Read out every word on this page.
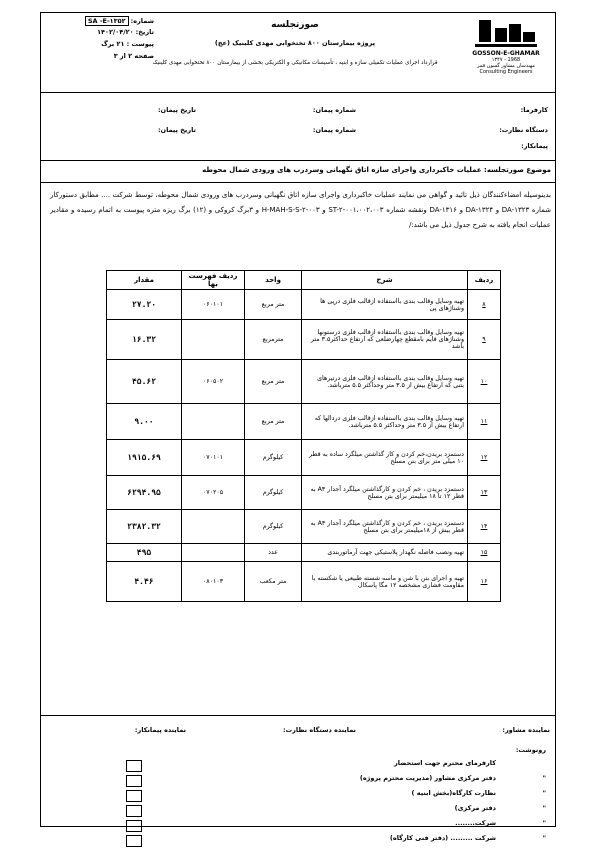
GOSSON-E-GHAMAR
۱۳۴۷ - 1968
مهندسان مشاور گسون قمر
Consulting Engineers
صورتجلسه
پروژه بیمارستان ۸۰۰ تختخوابی مهدی کلینیک (عج)
قرارداد اجرای عملیات تکمیلی سازه و ابنیه ، تأسیسات مکانیکی و الکتریکی بخشی از بیمارستان ۸۰۰ تختخوابی مهدی کلینیک
شماره: SA -E-۱۳۵۲
تاریخ: ۱۴۰۲/۰۴/۲۰
پیوست : ۲۱ برگ
صفحه ۲ از ۳
کارفرما:
دستگاه نظارت:
پیمانکار:
شماره پیمان:
شماره پیمان:
تاریخ پیمان:
تاریخ پیمان:
موضوع صورتجلسه: عملیات خاکبرداری واجرای سازه اتاق نگهبانی وسردرب های ورودی شمال محوطه
بدینوسیله امضاءکنندگان ذیل تائید و گواهی می نمایند عملیات خاکبرداری واجرای سازه اتاق نگهبانی وسردرب های ورودی شمال محوطه، توسط شرکت .... مطابق دستورکار شماره DA-۱۳۲۳ و DA-۱۳۲۴ و DA-۱۳۱۶ ونقشه شماره ST-۲-۰۰۱،۰۰۲،۰۰۳ و H-MAH-S-S-۲-۰۰۳ و ۳برگ کروکی و (۱۲) برگ ریزه متره پیوست به اتمام رسیده و مقادیر عملیات انجام یافته به شرح جدول ذیل می باشد:/
ردیف	شرح	واحد	ردیف فهرست بها	مقدار
۸	تهیه وسایل وقالب بندی بااستفاده ازقالب فلزی درپی ها وشناژهای پی	متر مربع	۰۶۰۱۰۱	۲۷.۲۰
۹	تهیه وسایل وقالب بندی بااستفاده ازقالب فلزی درستونها وشناژهای قایم بامقطع چهارضلعی که ارتفاع حداکثر۳.۵ متر باشد	مترمربع		۱۶.۳۲
۱۰	تهیه وسایل وقالب بندی بااستفاده ازقالب فلزی درتیرهای بتنی که ارتفاع بیش از ۳.۵ متر وحداکثر ۵.۵ مترباشد.	متر مربع	۰۶۰۵۰۲	۴۵.۶۲
۱۱	تهیه وسایل وقالب بندی بااستفاده ازقالب فلزی دردالها که ارتفاع بیش از ۳.۵ متر وحداکثر ۵.۵ مترباشد.	متر مربع		۹.۰۰
۱۲	دستمزد بریدن،خم کردن و کار گذاشتن میلگرد ساده به قطر ۱۰ میلی متر برای بتن مسلح	کیلوگرم	۰۷۰۱۰۱	۱۹۱۵.۶۹
۱۳	دستمزد بریدن ، خم کردن و کارگذاشتن میلگرد آجدار A۳ به قطر ۱۲ تا ۱۸ میلیمتر برای بتن مسلح	کیلوگرم	۰۷۰۲۰۵	۶۲۹۴.۹۵
۱۴	دستمزد بریدن ، خم کردن و کارگذاشتن میلگرد آجدار A۳ به قطر بیش از ۱۸میلیمتر برای بتن مسلح	کیلوگرم		۲۳۸۲.۳۲
۱۵	تهیه ونصب فاصله نگهدار پلاستیکی جهت آرماتوربندی	عدد		۴۹۵
۱۶	تهیه و اجرای بتن با شن و ماسه شسته طبیعی یا شکسته با مقاومت فشاری مشخصه ۱۲ مگا پاسکال	متر مکعب	۰۸۰۱۰۳	۴.۴۶
نماینده مشاور:
نماینده دستگاه نظارت:
نماینده پیمانکار:
رونوشت:
کارفرمای محترم جهت استحضار
"
دفتر مرکزی مشاور (مدیریت محترم پروژه)
"
نظارت کارگاه(بخش ابنیه )
"
دفتر مرکزی)
"
شرکت........
"
شرکت ......... (دفتر فنی کارگاه)
